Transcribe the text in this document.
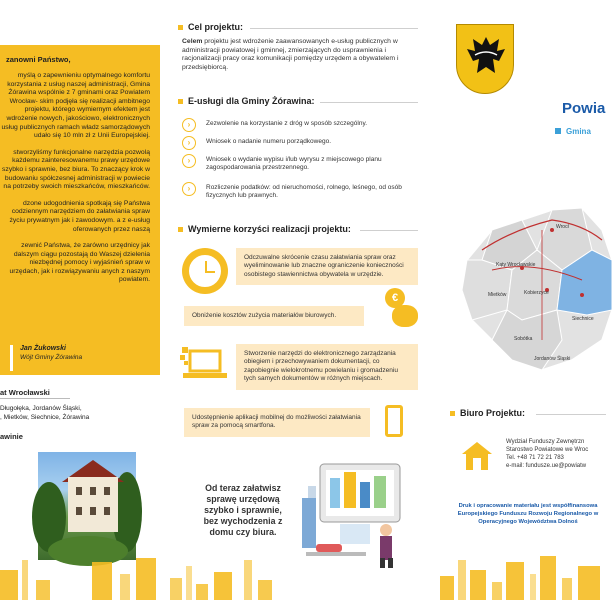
zanowni Państwo,

myślą o zapewnieniu optymalnego komfortu korzystania z usług naszej administracji, Gmina Żórawina wspólnie z 7 gminami oraz Powiatem Wrocław- skim podjęła się realizacji ambitnego projektu, którego wymiernym efektem jest wdrożenie nowych, jakościowo, elektronicznych usług publicznych ramach władz samorządowych udało się 10 mln zł z Unii Europejskiej.

stworzyliśmy funkcjonalne narzędzia pozwolą każdemu zainteresowanemu prawy urzędowe szybko i sprawnie, bez biura. To znaczący krok w budowaniu spółczesnej administracji w powiecie na potrzeby swoich mieszkańców, mieszkańców.

dzone udogodnienia spotkają się Państwa codziennym narzędziem do załatwiania spraw życiu prywatnym jak i zawodowym. a z e-usług oferowanych przez naszą

zewnić Państwa, że zarówno urzędnicy jak dalszym ciągu pozostają do Waszej dzielenia niezbędnej pomocy i wyjaśnień spraw w urzędach, jak i rozwiązywaniu anych z naszym powiatem.

Jan Żukowski
Wójt Gminy Żórawina
at Wrocławski
Długołęka, Jordanów Śląski,
, Mietków, Siechnice, Żórawina
awinie
Cel projektu:
Celem projektu jest wdrożenie zaawansowanych e-usług publicznych w administracji powiatowej i gminnej, zmierzających do usprawnienia i racjonalizacji pracy oraz komunikacji pomiędzy urzędem a obywatelem i przedsiębiorcą.
E-usługi dla Gminy Żórawina:
›	Zezwolenie na korzystanie z dróg w sposób szczególny.
›	Wniosek o nadanie numeru porządkowego.
›	Wniosek o wydanie wypisu i/lub wyrysu z miejscowego planu zagospodarowania przestrzennego.
›	Rozliczenie podatków: od nieruchomości, rolnego, leśnego, od osób fizycznych lub prawnych.
Wymierne korzyści realizacji projektu:
Odczuwalne skrócenie czasu załatwiania spraw oraz wyeliminowanie lub znaczne ograniczenie konieczności osobistego stawiennictwa obywatela w urzędzie.
Obniżenie kosztów zużycia materiałów biurowych.
€
Stworzenie narzędzi do elektronicznego zarządzania obiegiem i przechowywaniem dokumentacji, co zapobiegnie wielokrotnemu powielaniu i gromadzeniu tych samych dokumentów w różnych miejscach.
Udostępnienie aplikacji mobilnej do możliwości załatwiania spraw za pomocą smartfona.
Od teraz załatwisz sprawę urzędową szybko i sprawnie, bez wychodzenia z domu czy biura.
Powia
Gmina
Wrocł
Mietków	Kobierzyce
Sobótka
Siechnice
Jordanów Śląski
Kąty Wrocławskie
Biuro Projektu:
Wydział Funduszy Zewnętrzn
Starostwo Powiatowe we Wroc
Tel. +48 71 72 21 783
e-mail: fundusze.ue@powiatw
Druk i opracowanie materiału jest współfinansowa
Europejskiego Funduszu Rozwoju Regionalnego w
Operacyjnego Województwa Dolnoś
